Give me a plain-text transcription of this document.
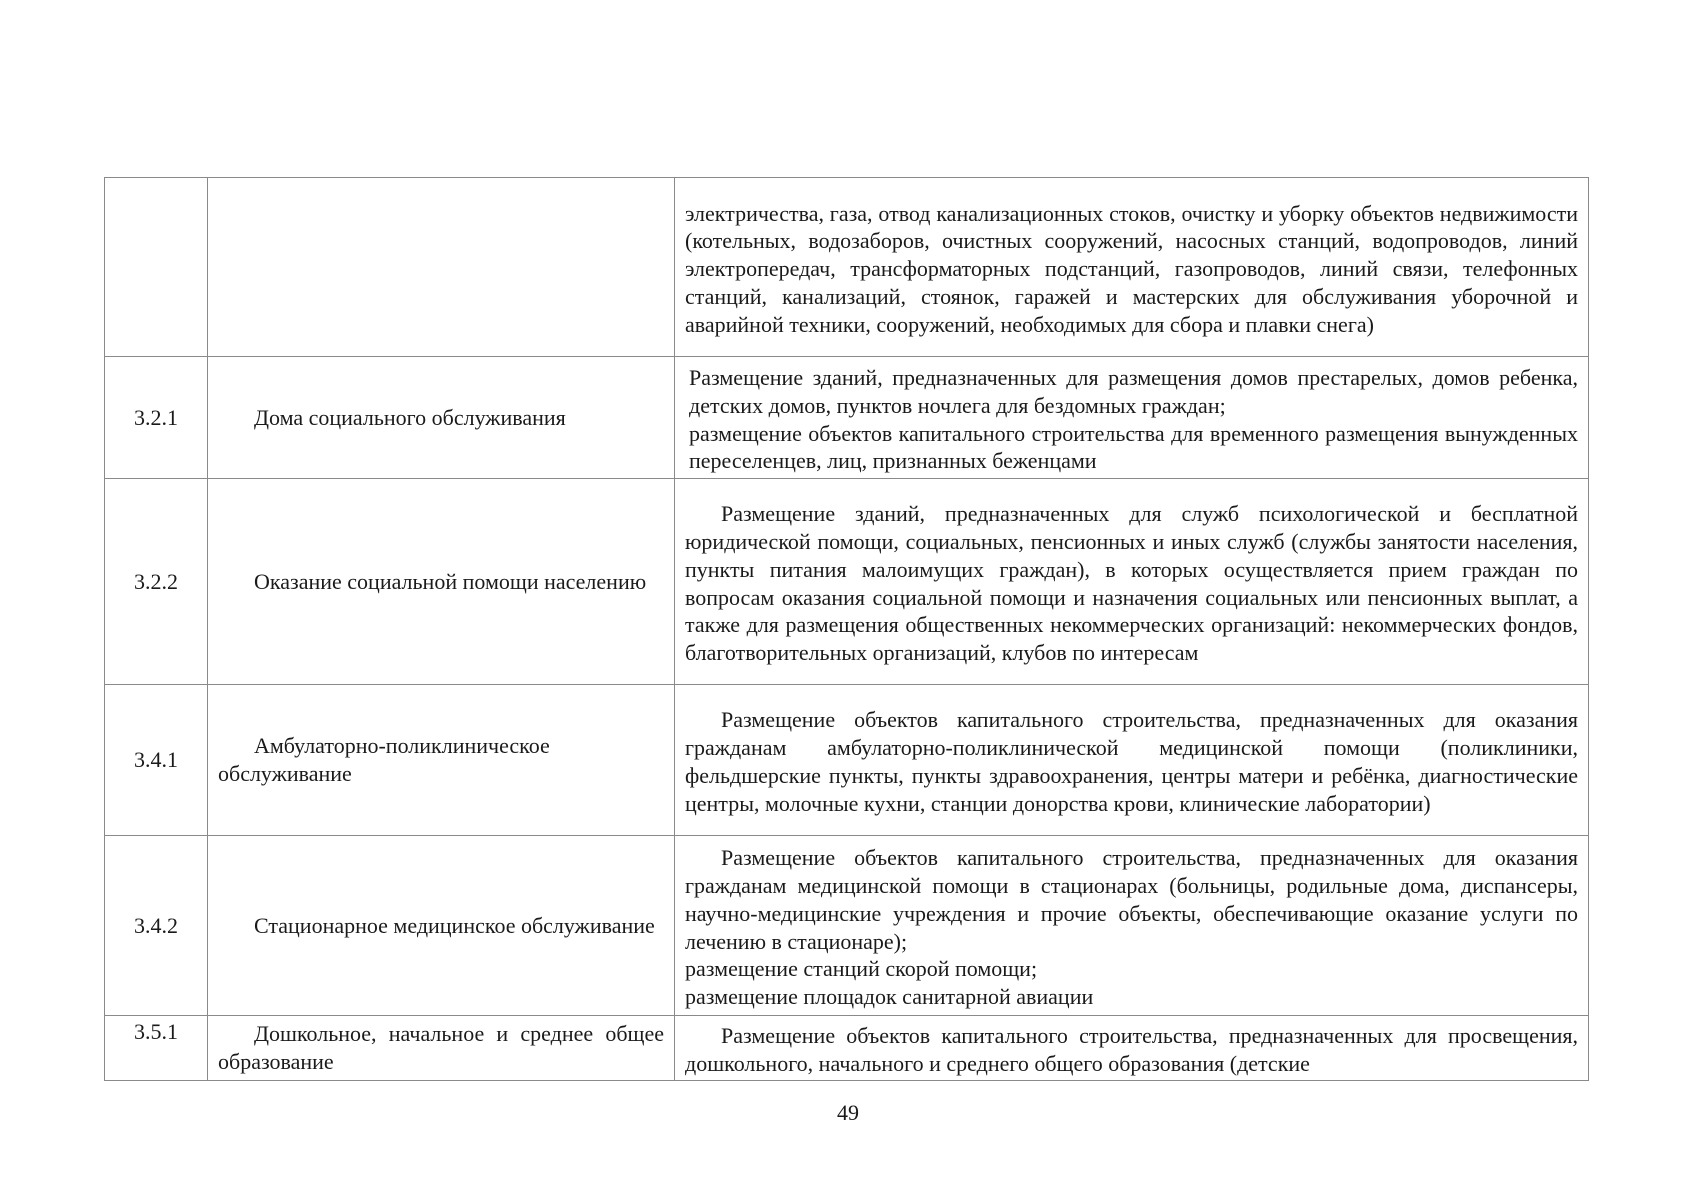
		электричества, газа, отвод канализационных стоков, очистку и уборку объектов недвижимости (котельных, водозаборов, очистных сооружений, насосных станций, водопроводов, линий электропередач, трансформаторных подстанций, газопроводов, линий связи, телефонных станций, канализаций, стоянок, гаражей и мастерских для обслуживания уборочной и аварийной техники, сооружений, необходимых для сбора и плавки снега)

3.2.1	Дома социального обслуживания	Размещение зданий, предназначенных для размещения домов престарелых, домов ребенка, детских домов, пунктов ночлега для бездомных граждан;
размещение объектов капитального строительства для временного размещения вынужденных переселенцев, лиц, признанных беженцами

3.2.2	Оказание социальной помощи населению	Размещение зданий, предназначенных для служб психологической и бесплатной юридической помощи, социальных, пенсионных и иных служб (службы занятости населения, пункты питания малоимущих граждан), в которых осуществляется прием граждан по вопросам оказания социальной помощи и назначения социальных или пенсионных выплат, а также для размещения общественных некоммерческих организаций: некоммерческих фондов, благотворительных организаций, клубов по интересам

3.4.1	Амбулаторно-поликлиническое обслуживание	Размещение объектов капитального строительства, предназначенных для оказания гражданам амбулаторно-поликлинической медицинской помощи (поликлиники, фельдшерские пункты, пункты здравоохранения, центры матери и ребёнка, диагностические центры, молочные кухни, станции донорства крови, клинические лаборатории)

3.4.2	Стационарное медицинское обслуживание	Размещение объектов капитального строительства, предназначенных для оказания гражданам медицинской помощи в стационарах (больницы, родильные дома, диспансеры, научно-медицинские учреждения и прочие объекты, обеспечивающие оказание услуги по лечению в стационаре);
размещение станций скорой помощи;
размещение площадок санитарной авиации

3.5.1	Дошкольное, начальное и среднее общее образование	Размещение объектов капитального строительства, предназначенных для просвещения, дошкольного, начального и среднего общего образования (детские
49
